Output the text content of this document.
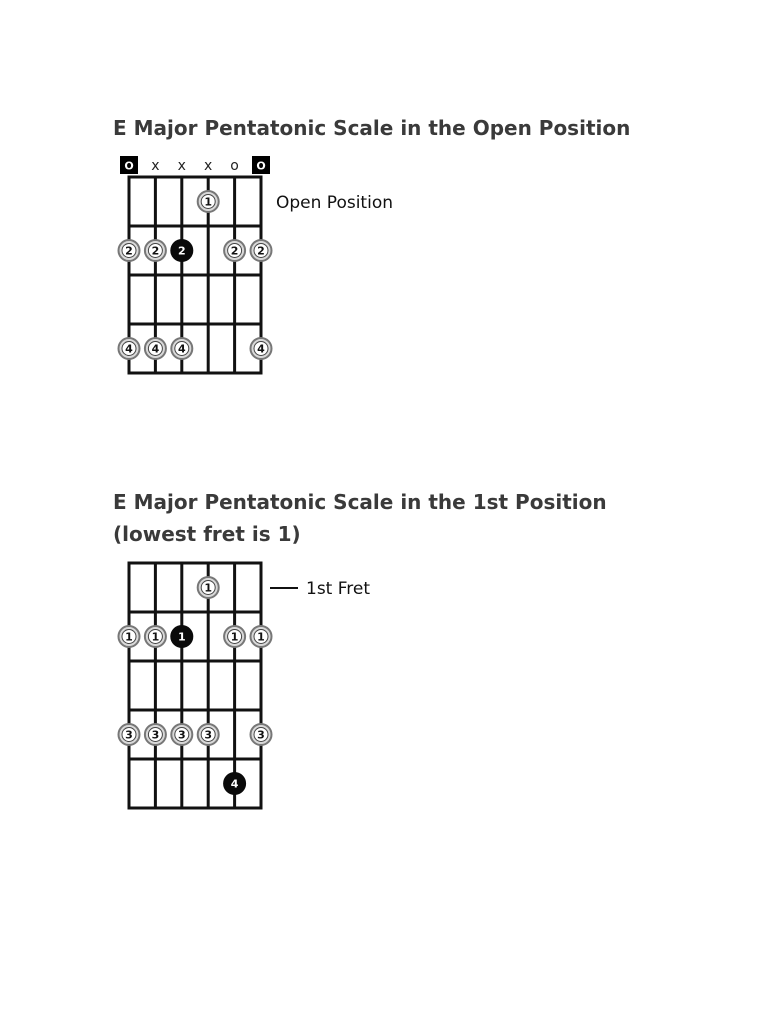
E Major Pentatonic Scale in the Open Position
O x x x o O
1
2 2 2	2 2
4 4 4	4
Open Position
E Major Pentatonic Scale in the 1st Position
(lowest fret is 1)
1
1 1 1	1 1
3 3 3 3	3
4
1st Fret
